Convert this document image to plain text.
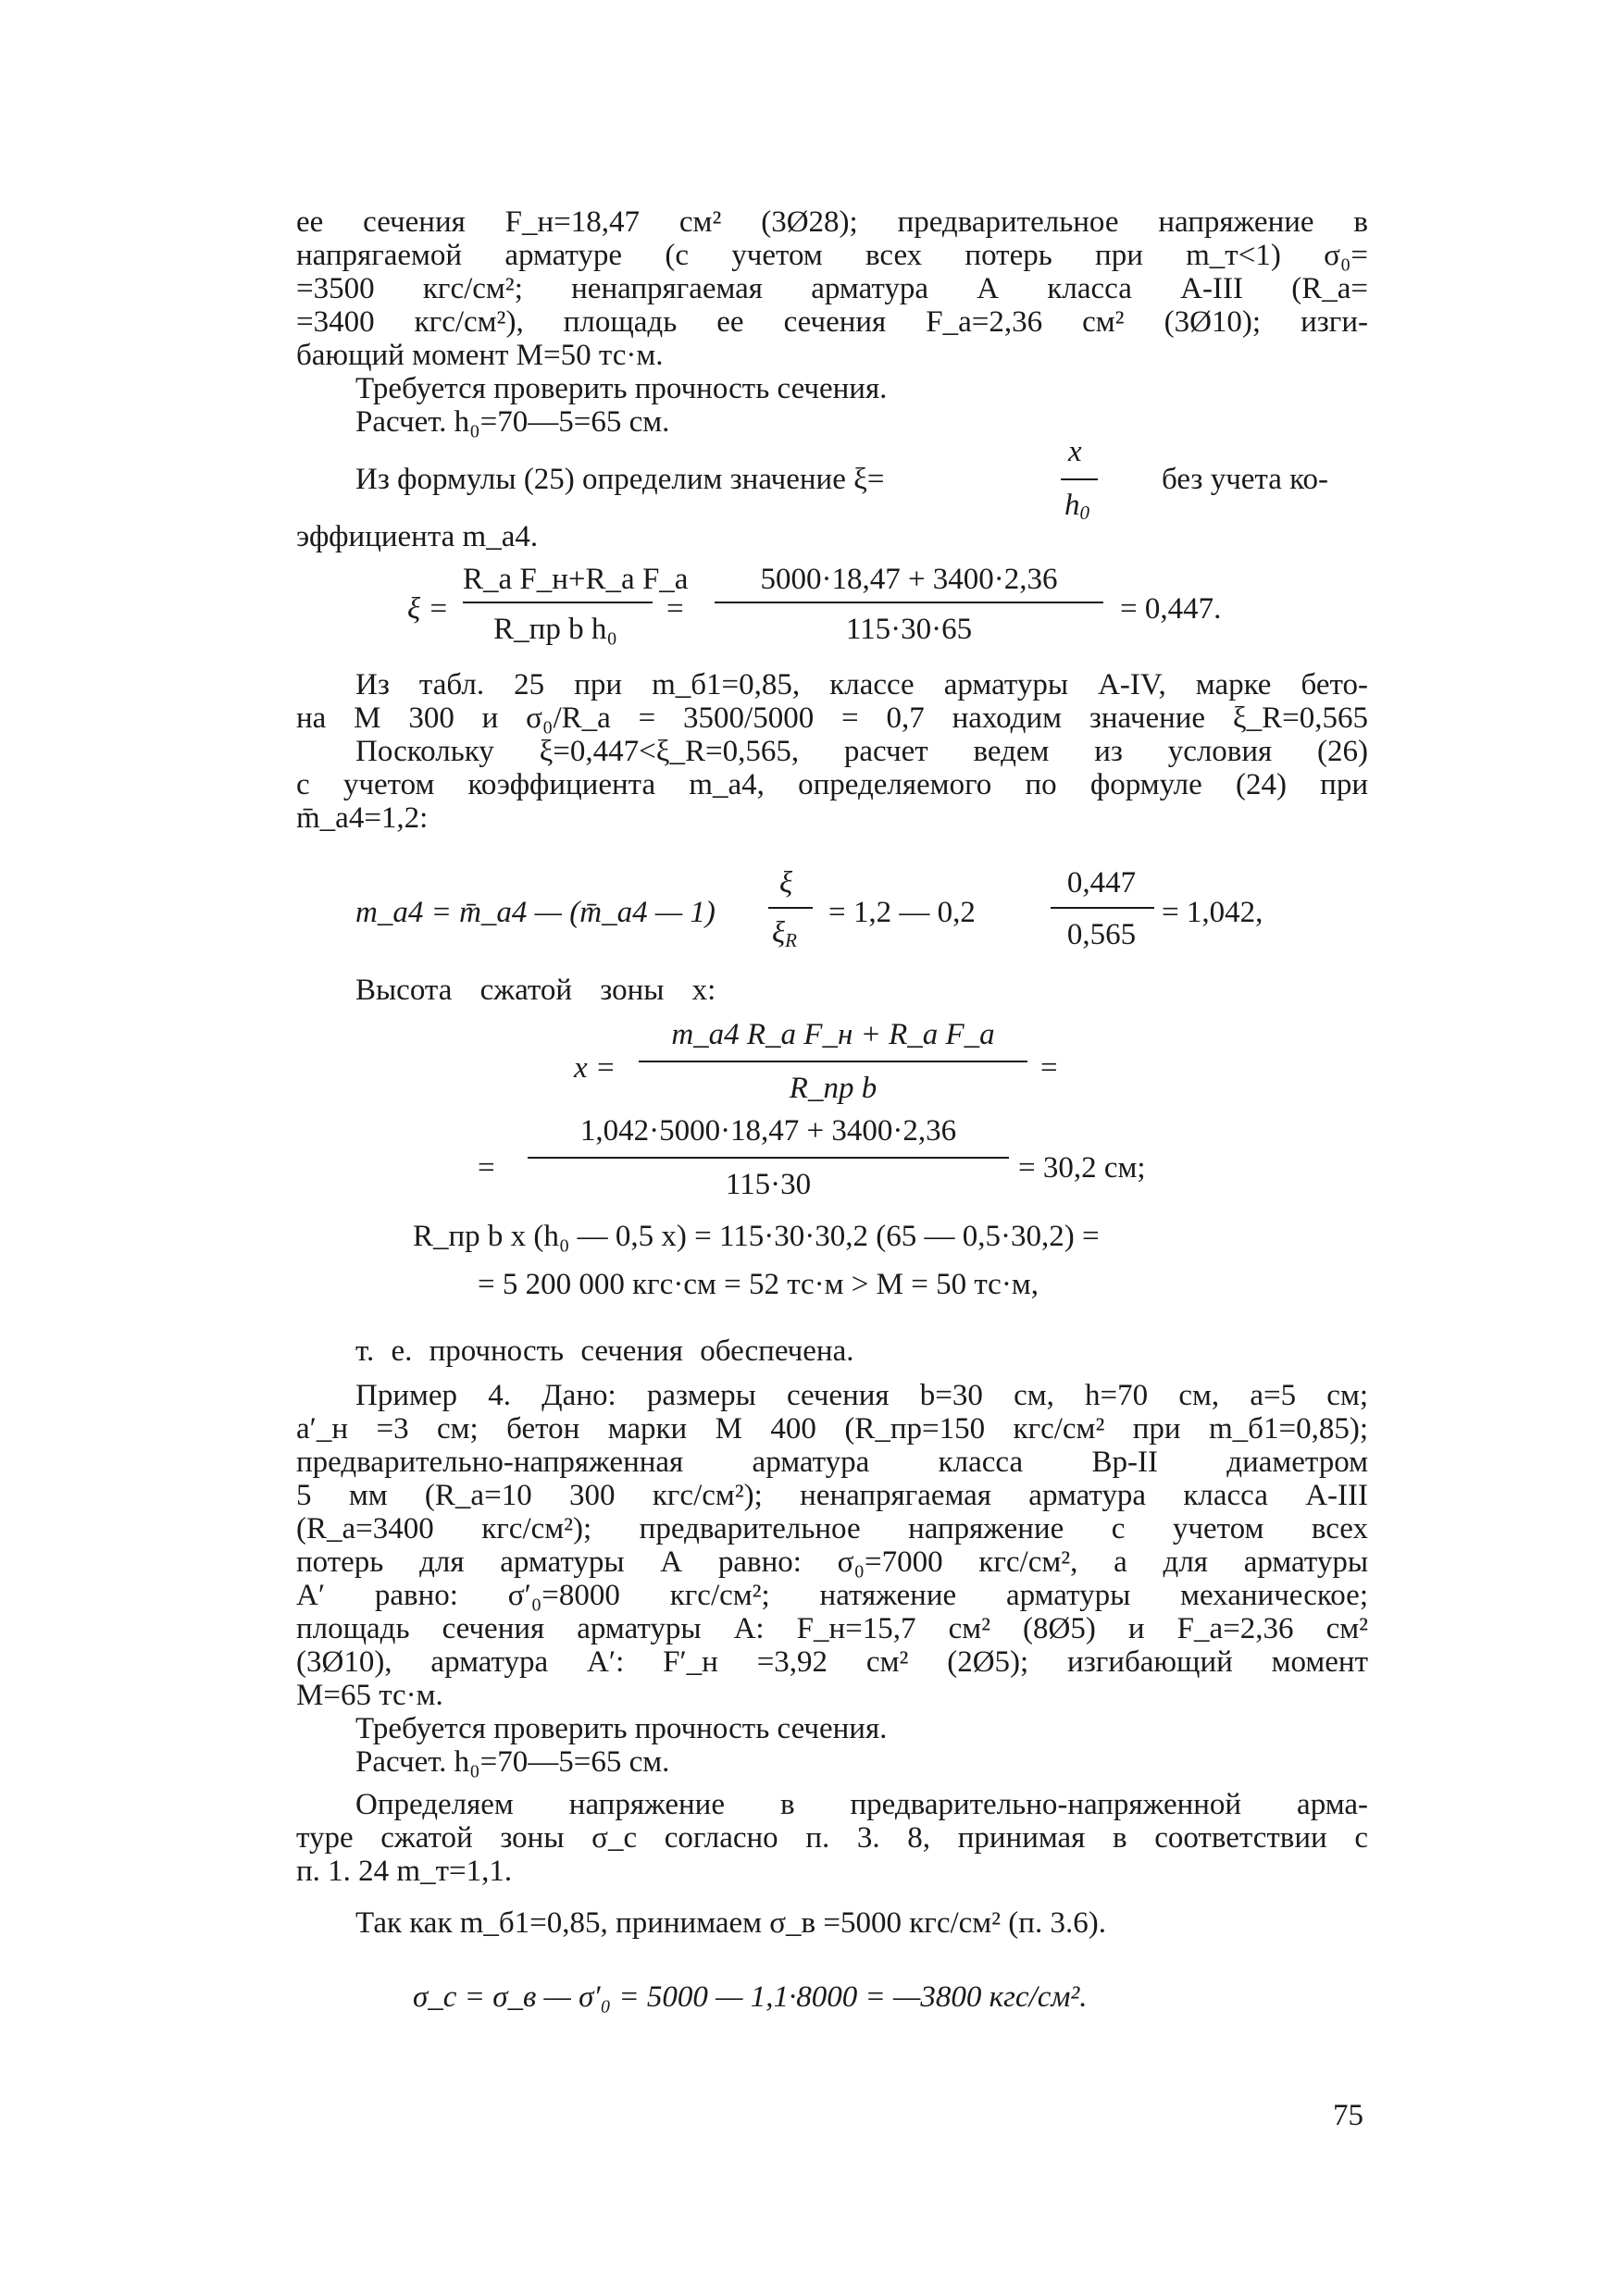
ее сечения F_н=18,47 см² (3Ø28); предварительное напряжение в
напрягаемой арматуре (с учетом всех потерь при m_т<1) σ₀=
=3500 кгс/см²; ненапрягаемая арматура А класса А-III (R_а=
=3400 кгс/см²), площадь ее сечения F_а=2,36 см² (3Ø10); изги-
бающий момент М=50 тс·м.
Требуется проверить прочность сечения.
Расчет. h₀=70—5=65 см.
Из формулы (25) определим значение ξ=
x
$h_0$
без учета ко-
эффициента m_а4.
ξ =
R_а F_н+R_а F_а
R_пр b h₀
=
5000·18,47 + 3400·2,36
115·30·65
= 0,447.
Из табл. 25 при m_б1=0,85, классе арматуры А-IV, марке бето-
на М 300 и σ₀/R_а = 3500/5000 = 0,7 находим значение ξ_R=0,565
Поскольку ξ=0,447<ξ_R=0,565, расчет ведем из условия (26)
с учетом коэффициента m_а4, определяемого по формуле (24) при
m̄_а4=1,2:
m_а4 = m̄_а4 — (m̄_а4 — 1)
ξ
$\xi_R$
= 1,2 — 0,2
0,447
0,565
= 1,042,
Высота сжатой зоны x:
x =
m_а4 R_а F_н + R_а F_а
R_пр b
=
=
1,042·5000·18,47 + 3400·2,36
115·30	= 30,2 см;
R_пр b x (h₀ — 0,5 x) = 115·30·30,2 (65 — 0,5·30,2) =
= 5 200 000 кгс·см = 52 тс·м > М = 50 тс·м,
т. е. прочность сечения обеспечена.
Пример 4. Дано: размеры сечения b=30 см, h=70 см, a=5 см;
a′_н =3 см; бетон марки М 400 (R_пр=150 кгс/см² при m_б1=0,85);
предварительно-напряженная арматура класса Вр-II диаметром
5 мм (R_а=10 300 кгс/см²); ненапрягаемая арматура класса А-III
(R_а=3400 кгс/см²); предварительное напряжение с учетом всех
потерь для арматуры А равно: σ₀=7000 кгс/см², а для арматуры
А′ равно: σ′₀=8000 кгс/см²; натяжение арматуры механическое;
площадь сечения арматуры А: F_н=15,7 см² (8Ø5) и F_а=2,36 см²
(3Ø10), арматура А′: F′_н =3,92 см² (2Ø5); изгибающий момент
М=65 тс·м.
Требуется проверить прочность сечения.
Расчет. h₀=70—5=65 см.
Определяем напряжение в предварительно-напряженной арма-
туре сжатой зоны σ_с согласно п. 3. 8, принимая в соответствии с
п. 1. 24 m_т=1,1.
Так как m_б1=0,85, принимаем σ_в =5000 кгс/см² (п. 3.6).
σ_с = σ_в — σ′₀ = 5000 — 1,1·8000 = —3800 кгс/см².
75
